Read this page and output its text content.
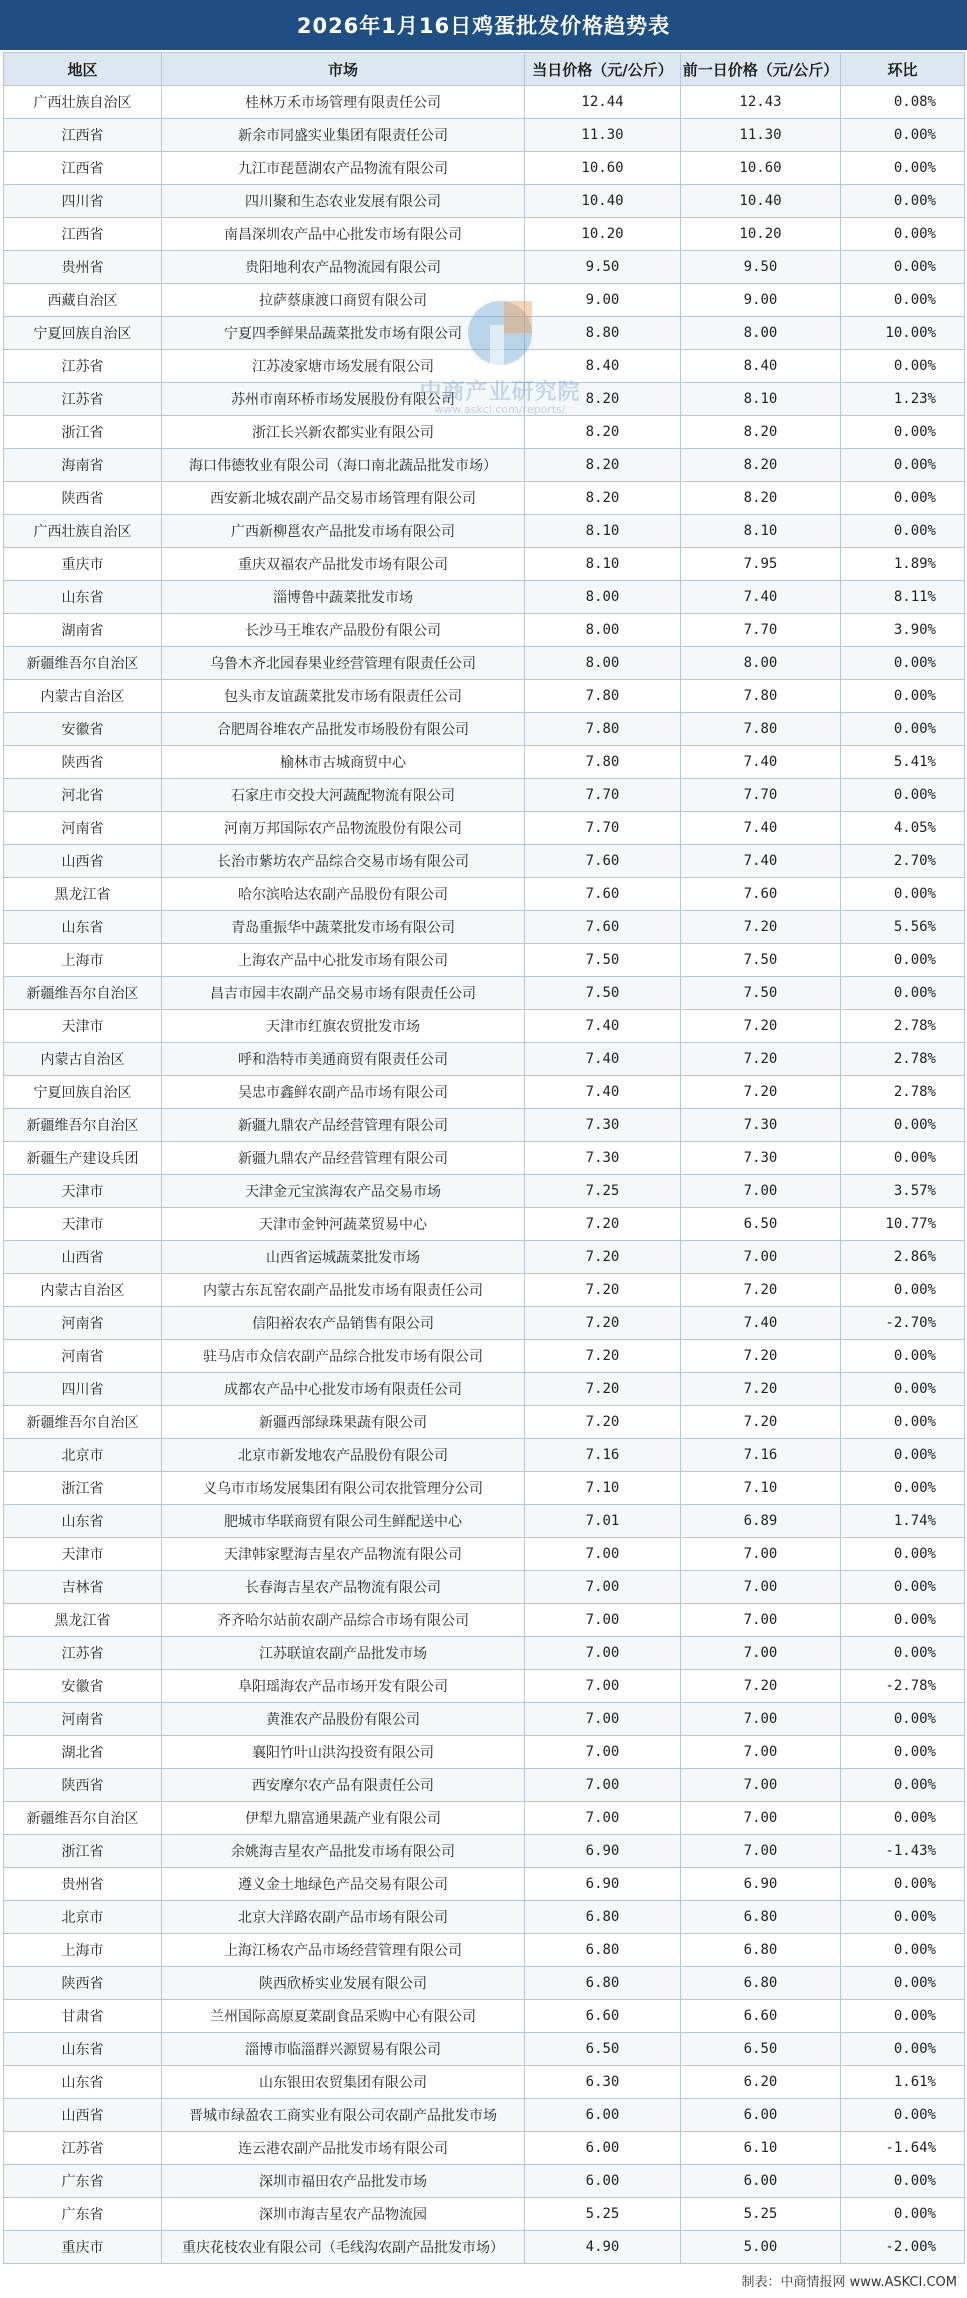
2026年1月16日鸡蛋批发价格趋势表
地区	市场	当日价格（元/公斤）	前一日价格（元/公斤）	环比
广西壮族自治区	桂林万禾市场管理有限责任公司	12.44	12.43	0.08%
江西省	新余市同盛实业集团有限责任公司	11.30	11.30	0.00%
江西省	九江市琵琶湖农产品物流有限公司	10.60	10.60	0.00%
四川省	四川聚和生态农业发展有限公司	10.40	10.40	0.00%
江西省	南昌深圳农产品中心批发市场有限公司	10.20	10.20	0.00%
贵州省	贵阳地利农产品物流园有限公司	9.50	9.50	0.00%
西藏自治区	拉萨蔡康渡口商贸有限公司	9.00	9.00	0.00%
宁夏回族自治区	宁夏四季鲜果品蔬菜批发市场有限公司	8.80	8.00	10.00%
江苏省	江苏凌家塘市场发展有限公司	8.40	8.40	0.00%
江苏省	苏州市南环桥市场发展股份有限公司	8.20	8.10	1.23%
浙江省	浙江长兴新农都实业有限公司	8.20	8.20	0.00%
海南省	海口伟德牧业有限公司（海口南北蔬品批发市场）	8.20	8.20	0.00%
陕西省	西安新北城农副产品交易市场管理有限公司	8.20	8.20	0.00%
广西壮族自治区	广西新柳邕农产品批发市场有限公司	8.10	8.10	0.00%
重庆市	重庆双福农产品批发市场有限公司	8.10	7.95	1.89%
山东省	淄博鲁中蔬菜批发市场	8.00	7.40	8.11%
湖南省	长沙马王堆农产品股份有限公司	8.00	7.70	3.90%
新疆维吾尔自治区	乌鲁木齐北园春果业经营管理有限责任公司	8.00	8.00	0.00%
内蒙古自治区	包头市友谊蔬菜批发市场有限责任公司	7.80	7.80	0.00%
安徽省	合肥周谷堆农产品批发市场股份有限公司	7.80	7.80	0.00%
陕西省	榆林市古城商贸中心	7.80	7.40	5.41%
河北省	石家庄市交投大河蔬配物流有限公司	7.70	7.70	0.00%
河南省	河南万邦国际农产品物流股份有限公司	7.70	7.40	4.05%
山西省	长治市紫坊农产品综合交易市场有限公司	7.60	7.40	2.70%
黑龙江省	哈尔滨哈达农副产品股份有限公司	7.60	7.60	0.00%
山东省	青岛重振华中蔬菜批发市场有限公司	7.60	7.20	5.56%
上海市	上海农产品中心批发市场有限公司	7.50	7.50	0.00%
新疆维吾尔自治区	昌吉市园丰农副产品交易市场有限责任公司	7.50	7.50	0.00%
天津市	天津市红旗农贸批发市场	7.40	7.20	2.78%
内蒙古自治区	呼和浩特市美通商贸有限责任公司	7.40	7.20	2.78%
宁夏回族自治区	吴忠市鑫鲜农副产品市场有限公司	7.40	7.20	2.78%
新疆维吾尔自治区	新疆九鼎农产品经营管理有限公司	7.30	7.30	0.00%
新疆生产建设兵团	新疆九鼎农产品经营管理有限公司	7.30	7.30	0.00%
天津市	天津金元宝滨海农产品交易市场	7.25	7.00	3.57%
天津市	天津市金钟河蔬菜贸易中心	7.20	6.50	10.77%
山西省	山西省运城蔬菜批发市场	7.20	7.00	2.86%
内蒙古自治区	内蒙古东瓦窑农副产品批发市场有限责任公司	7.20	7.20	0.00%
河南省	信阳裕农农产品销售有限公司	7.20	7.40	-2.70%
河南省	驻马店市众信农副产品综合批发市场有限公司	7.20	7.20	0.00%
四川省	成都农产品中心批发市场有限责任公司	7.20	7.20	0.00%
新疆维吾尔自治区	新疆西部绿珠果蔬有限公司	7.20	7.20	0.00%
北京市	北京市新发地农产品股份有限公司	7.16	7.16	0.00%
浙江省	义乌市市场发展集团有限公司农批管理分公司	7.10	7.10	0.00%
山东省	肥城市华联商贸有限公司生鲜配送中心	7.01	6.89	1.74%
天津市	天津韩家墅海吉星农产品物流有限公司	7.00	7.00	0.00%
吉林省	长春海吉星农产品物流有限公司	7.00	7.00	0.00%
黑龙江省	齐齐哈尔站前农副产品综合市场有限公司	7.00	7.00	0.00%
江苏省	江苏联谊农副产品批发市场	7.00	7.00	0.00%
安徽省	阜阳瑶海农产品市场开发有限公司	7.00	7.20	-2.78%
河南省	黄淮农产品股份有限公司	7.00	7.00	0.00%
湖北省	襄阳竹叶山洪沟投资有限公司	7.00	7.00	0.00%
陕西省	西安摩尔农产品有限责任公司	7.00	7.00	0.00%
新疆维吾尔自治区	伊犁九鼎富通果蔬产业有限公司	7.00	7.00	0.00%
浙江省	余姚海吉星农产品批发市场有限公司	6.90	7.00	-1.43%
贵州省	遵义金土地绿色产品交易有限公司	6.90	6.90	0.00%
北京市	北京大洋路农副产品市场有限公司	6.80	6.80	0.00%
上海市	上海江杨农产品市场经营管理有限公司	6.80	6.80	0.00%
陕西省	陕西欣桥实业发展有限公司	6.80	6.80	0.00%
甘肃省	兰州国际高原夏菜副食品采购中心有限公司	6.60	6.60	0.00%
山东省	淄博市临淄群兴源贸易有限公司	6.50	6.50	0.00%
山东省	山东银田农贸集团有限公司	6.30	6.20	1.61%
山西省	晋城市绿盈农工商实业有限公司农副产品批发市场	6.00	6.00	0.00%
江苏省	连云港农副产品批发市场有限公司	6.00	6.10	-1.64%
广东省	深圳市福田农产品批发市场	6.00	6.00	0.00%
广东省	深圳市海吉星农产品物流园	5.25	5.25	0.00%
重庆市	重庆花枝农业有限公司（毛线沟农副产品批发市场）	4.90	5.00	-2.00%
中商产业研究院
www.askci.com/reports/
制表：中商情报网 www.ASKCI.COM
